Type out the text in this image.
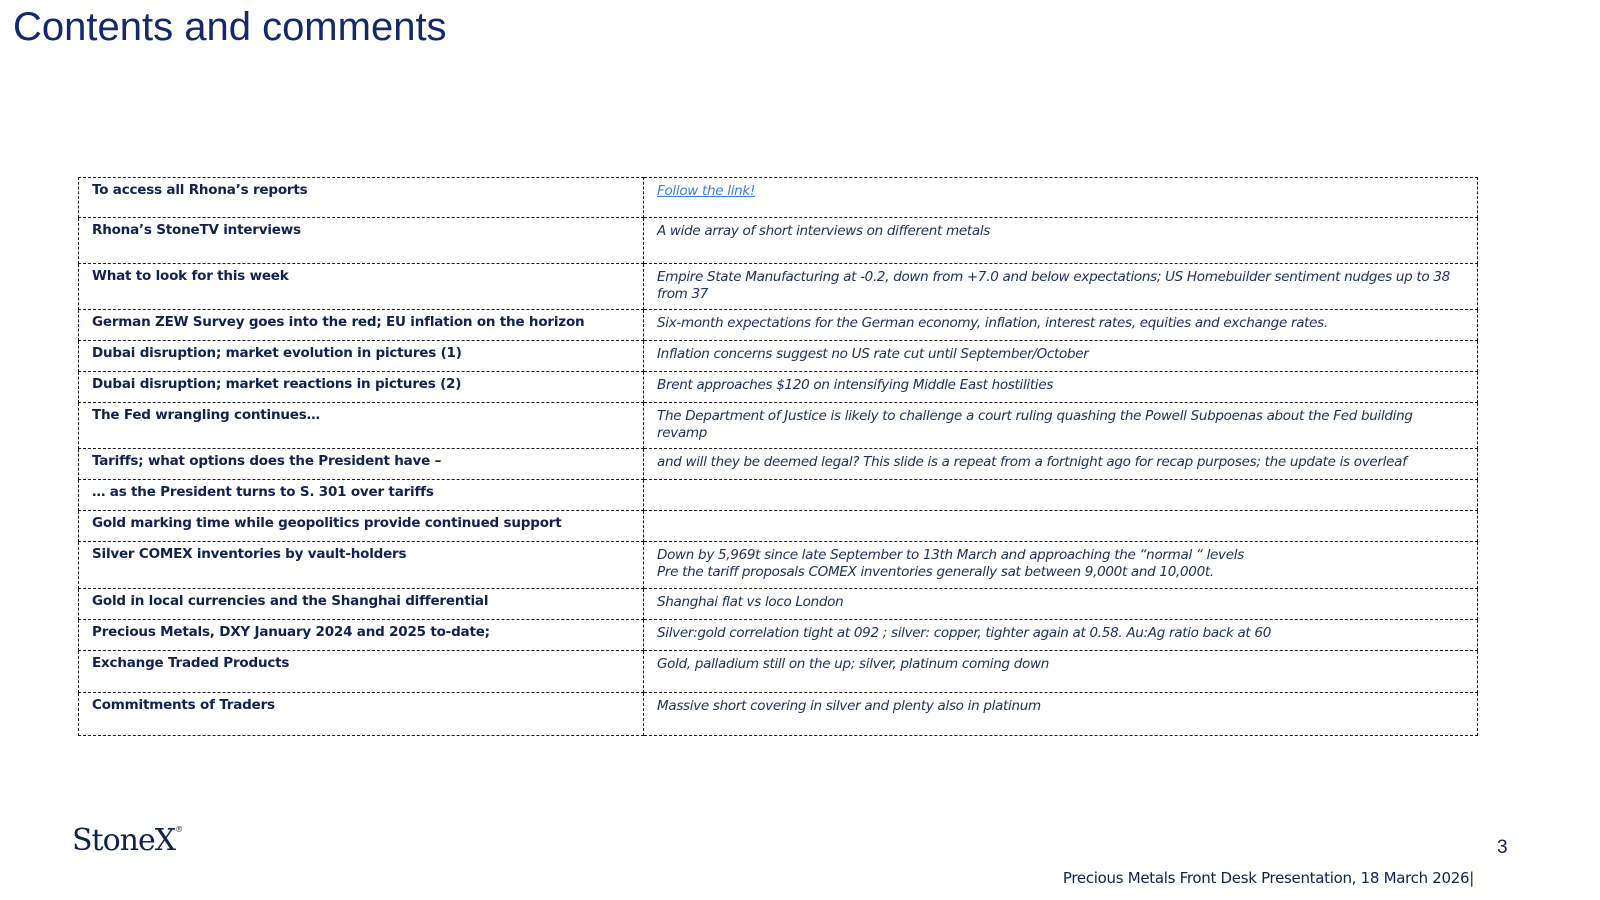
Contents and comments
To access all Rhona’s reports	Follow the link!
Rhona’s StoneTV interviews	A wide array of short interviews on different metals

What to look for this week	Empire State Manufacturing at -0.2, down from +7.0 and below expectations; US Homebuilder sentiment nudges up to 38 from 37

German ZEW Survey goes into the red; EU inflation on the horizon	Six-month expectations for the German economy, inflation, interest rates, equities and exchange rates.

Dubai disruption; market evolution in pictures (1)	Inflation concerns suggest no US rate cut until September/October

Dubai disruption; market reactions in pictures (2)	Brent approaches $120 on intensifying Middle East hostilities

The Fed wrangling continues…	The Department of Justice is likely to challenge a court ruling quashing the Powell Subpoenas about the Fed building revamp

Tariffs; what options does the President have –	and will they be deemed legal? This slide is a repeat from a fortnight ago for recap purposes; the update is overleaf

… as the President turns to S. 301 over tariffs	
Gold marking time while geopolitics provide continued support	
Silver COMEX inventories by vault-holders	Down by 5,969t since late September to 13th March and approaching the “normal “ levels
Pre the tariff proposals COMEX inventories generally sat between 9,000t and 10,000t.

Gold in local currencies and the Shanghai differential	Shanghai flat vs loco London

Precious Metals, DXY January 2024 and 2025 to-date;	Silver:gold correlation tight at 092 ; silver: copper, tighter again at 0.58. Au:Ag ratio back at 60

Exchange Traded Products	Gold, palladium still on the up; silver, platinum coming down

Commitments of Traders	Massive short covering in silver and plenty also in platinum
StoneX®
3
Precious Metals Front Desk Presentation, 18 March 2026|
